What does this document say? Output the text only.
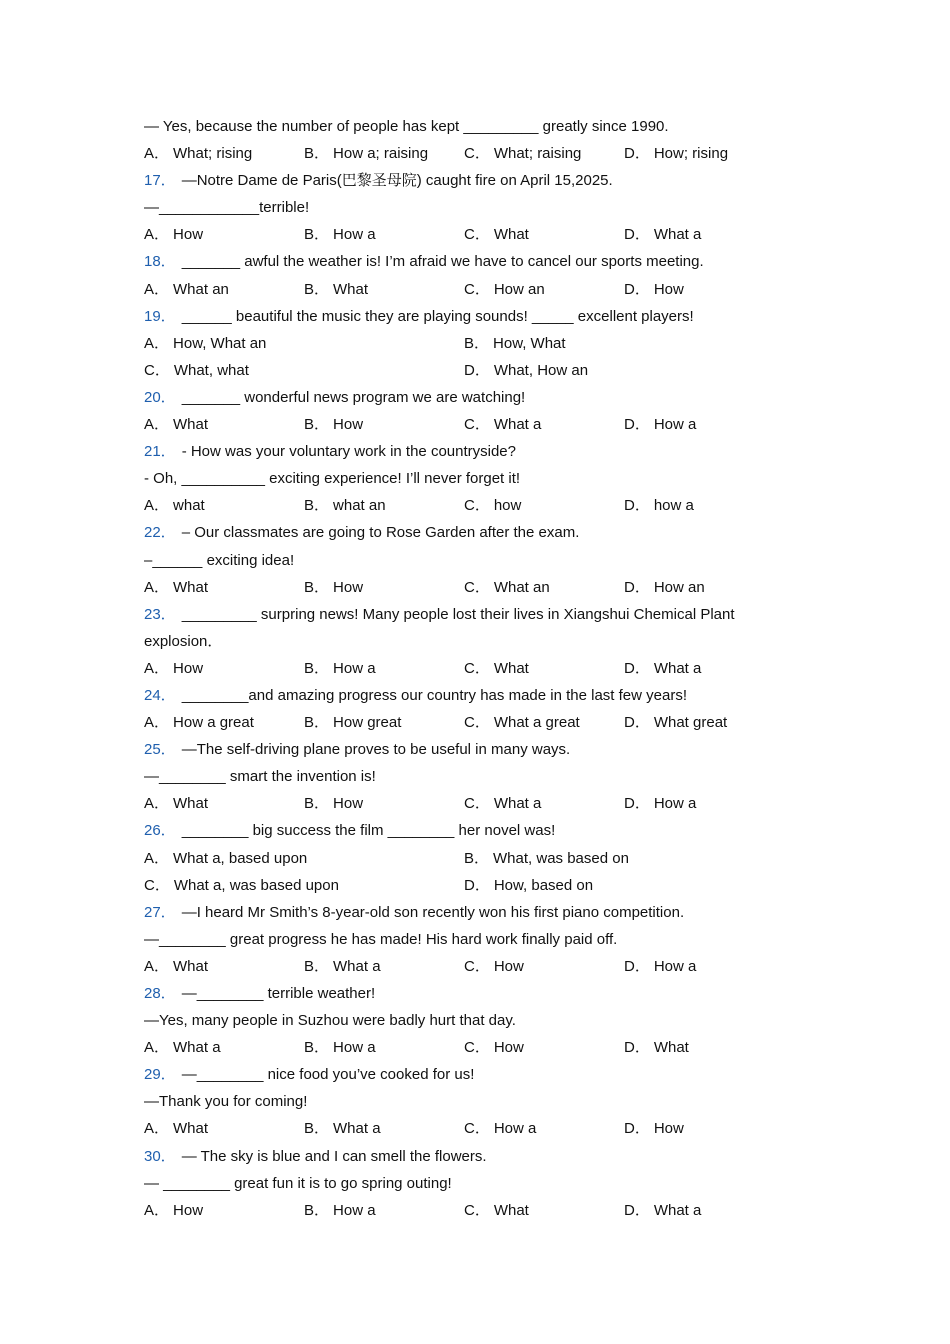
— Yes, because the number of people has kept _________ greatly since 1990.
A． What; rising	B． How a; raising	C． What; raising	D． How; rising
17． —Notre Dame de Paris(巴黎圣母院) caught fire on April 15,2025.
—____________terrible!
A． How	B． How a	C． What	D． What a
18． _______ awful the weather is! I’m afraid we have to cancel our sports meeting.
A． What an	B． What	C． How an	D． How
19． ______ beautiful the music they are playing sounds! _____ excellent players!
A． How, What an	B． How, What
C． What, what	D． What, How an
20． _______ wonderful news program we are watching!
A． What	B． How	C． What a	D． How a
21． - How was your voluntary work in the countryside?
- Oh, __________ exciting experience! I’ll never forget it!
A． what	B． what an	C． how	D． how a
22． – Our classmates are going to Rose Garden after the exam.
–______ exciting idea!
A． What	B． How	C． What an	D． How an
23． _________ surpring news! Many people lost their lives in Xiangshui Chemical Plant
explosion．
A． How	B． How a	C． What	D． What a
24． ________and amazing progress our country has made in the last few years!
A． How a great	B． How great	C． What a great	D． What great
25． —The self-driving plane proves to be useful in many ways.
—________ smart the invention is!
A． What	B． How	C． What a	D． How a
26． ________ big success the film ________ her novel was!
A． What a, based upon	B． What, was based on
C． What a, was based upon	D． How, based on
27． —I heard Mr Smith’s 8-year-old son recently won his first piano competition.
—________ great progress he has made! His hard work finally paid off.
A． What	B． What a	C． How	D． How a
28． —________ terrible weather!
—Yes, many people in Suzhou were badly hurt that day.
A． What a	B． How a	C． How	D． What
29． —________ nice food you’ve cooked for us!
—Thank you for coming!
A． What	B． What a	C． How a	D． How
30． — The sky is blue and I can smell the flowers.
— ________ great fun it is to go spring outing!
A． How	B． How a	C． What	D． What a
